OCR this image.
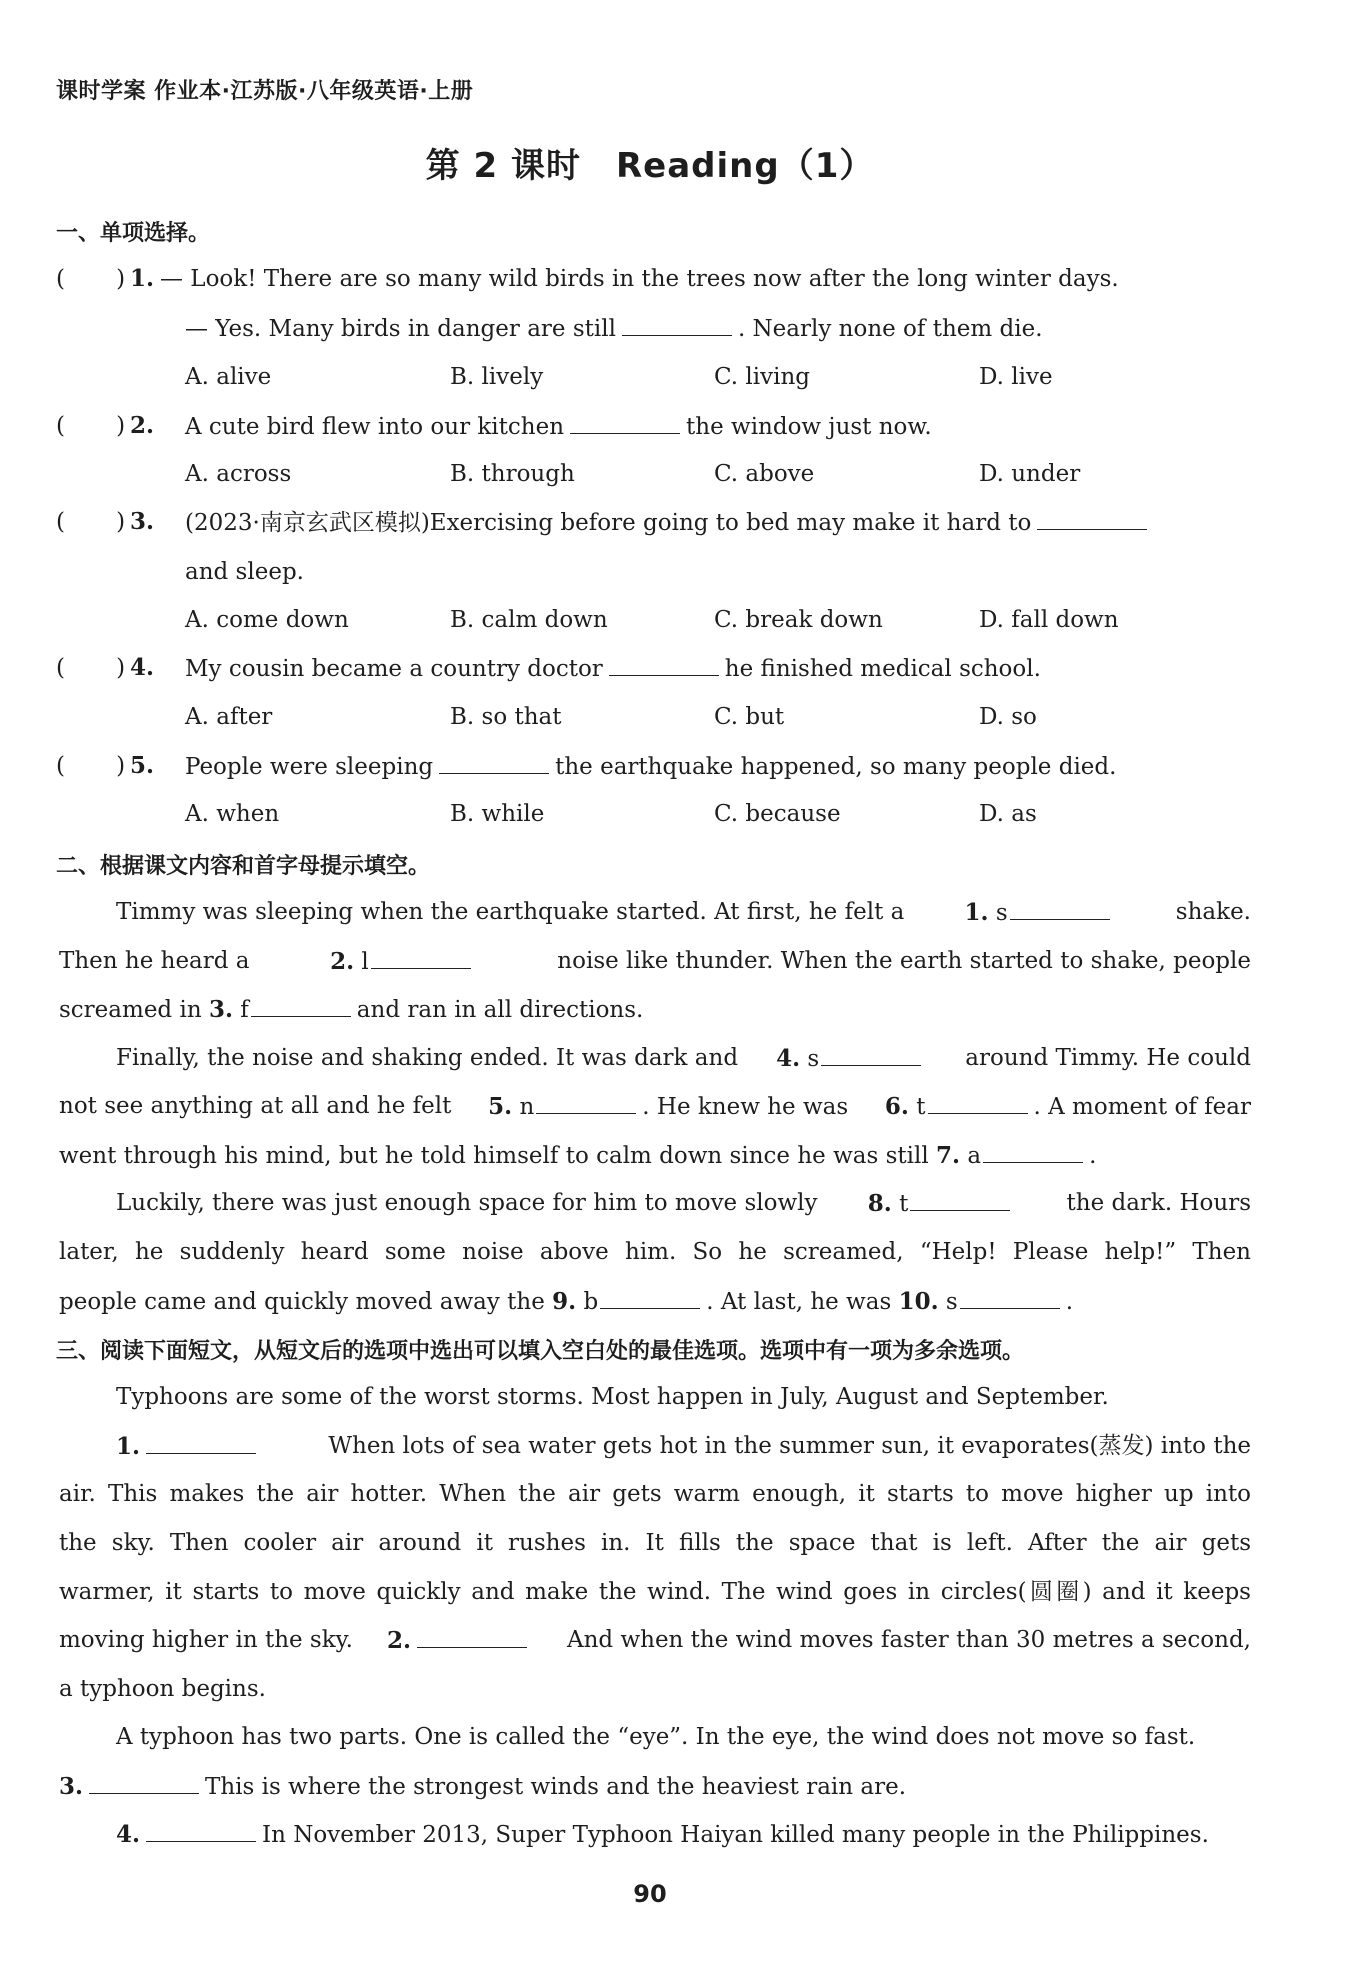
课时学案 作业本·江苏版·八年级英语·上册
第 2 课时　Reading（1）
一、单项选择。
(       ) 1. — Look! There are so many wild birds in the trees now after the long winter days.
— Yes. Many birds in danger are still	. Nearly none of them die.
A. alive	B. lively	C. living	D. live
(       ) 2. A cute bird flew into our kitchen	the window just now.
A. across	B. through	C. above	D. under
(       ) 3. (2023·南京玄武区模拟)Exercising before going to bed may make it hard to
and sleep.
A. come down	B. calm down	C. break down	D. fall down
(       ) 4. My cousin became a country doctor	he finished medical school.
A. after	B. so that	C. but	D. so
(       ) 5. People were sleeping	the earthquake happened, so many people died.
A. when	B. while	C. because	D. as
二、根据课文内容和首字母提示填空。
Timmy was sleeping when the earthquake started. At first, he felt a	1. s	shake.
Then he heard a	2. l	noise like thunder. When the earth started to shake, people
screamed in 3. f	and ran in all directions.
Finally, the noise and shaking ended. It was dark and 4. s	around Timmy. He could
not see anything at all and he felt 5. n	. He knew he was 6. t	. A moment of fear
went through his mind, but he told himself to calm down since he was still 7. a	.
Luckily, there was just enough space for him to move slowly 8. t	the dark. Hours
later, he suddenly heard some noise above him. So he screamed, “Help! Please help!” Then
people came and quickly moved away the 9. b	. At last, he was 10. s	.
三、阅读下面短文，从短文后的选项中选出可以填入空白处的最佳选项。选项中有一项为多余选项。
Typhoons are some of the worst storms. Most happen in July, August and September.
1.	When lots of sea water gets hot in the summer sun, it evaporates(蒸发) into the
air. This makes the air hotter. When the air gets warm enough, it starts to move higher up into
the sky. Then cooler air around it rushes in. It fills the space that is left. After the air gets
warmer, it starts to move quickly and make the wind. The wind goes in circles(圆圈) and it keeps
moving higher in the sky. 2.	And when the wind moves faster than 30 metres a second,
a typhoon begins.
A typhoon has two parts. One is called the “eye”. In the eye, the wind does not move so fast.
3.	This is where the strongest winds and the heaviest rain are.
4.	In November 2013, Super Typhoon Haiyan killed many people in the Philippines.
90
